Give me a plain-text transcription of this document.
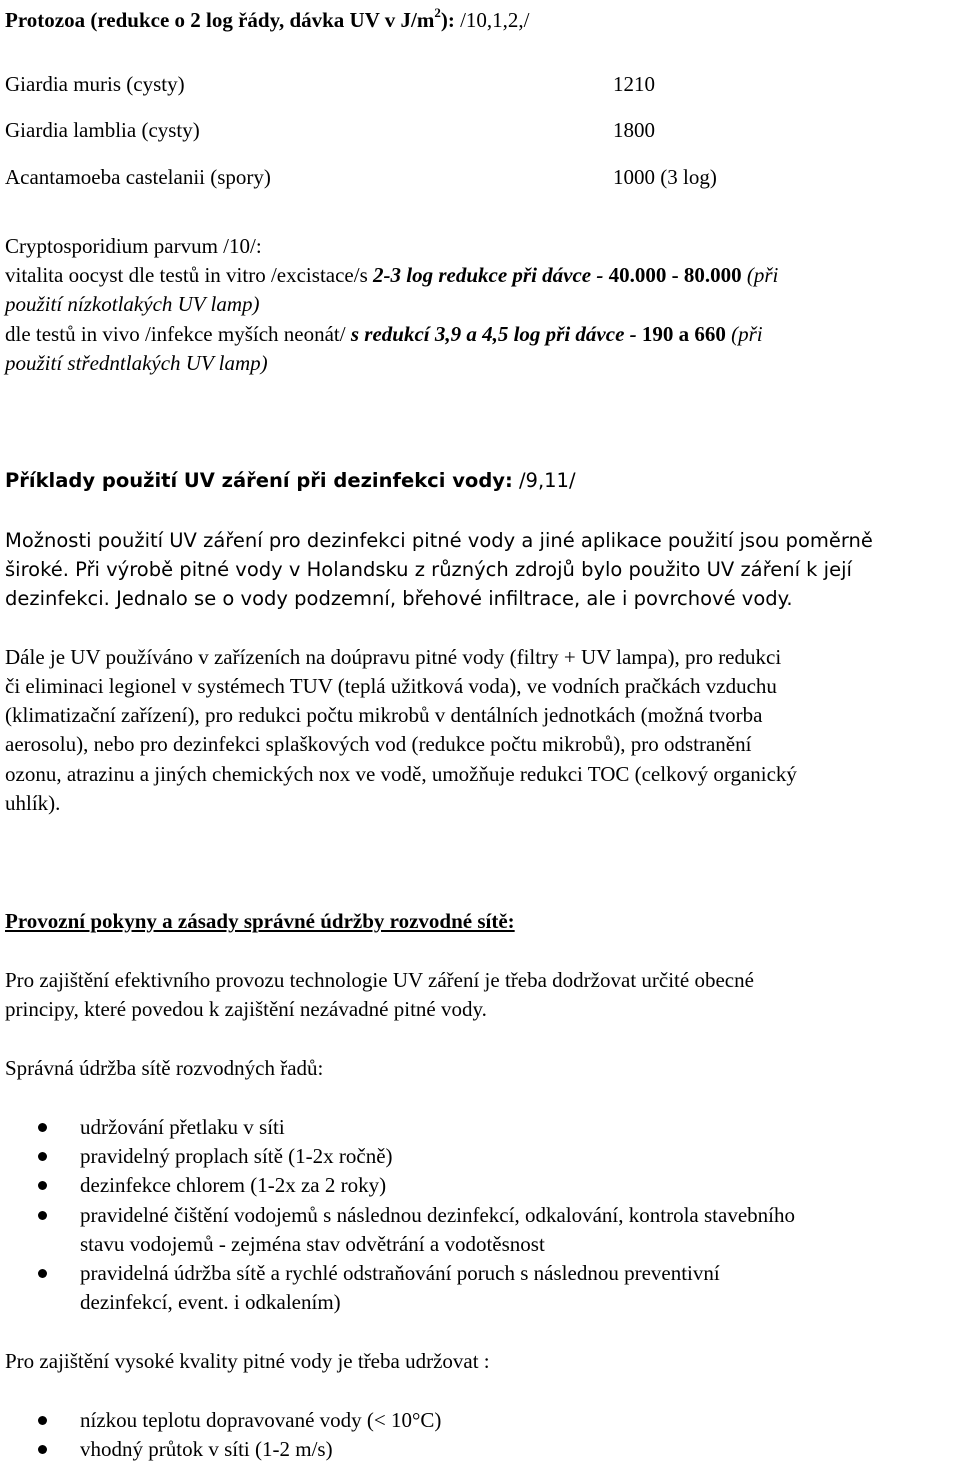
Protozoa (redukce o 2 log řády, dávka UV v $J/m^2$): /10,1,2,/
Giardia muris (cysty)	1210
Giardia lamblia (cysty)	1800
Acantamoeba castelanii (spory)	1000 (3 log)
Cryptosporidium parvum /10/:
vitalita oocyst dle testů in vitro /excistace/s 2-3 log redukce při dávce - 40.000 - 80.000 (při
použití nízkotlakých UV lamp)
dle testů in vivo /infekce myších neonát/ s redukcí 3,9 a 4,5 log při dávce - 190 a 660 (při
použití středntlakých UV lamp)
Příklady použití UV záření při dezinfekci vody: /9,11/
Možnosti použití UV záření pro dezinfekci pitné vody a jiné aplikace použití jsou poměrně
široké. Při výrobě pitné vody v Holandsku z různých zdrojů bylo použito UV záření k její
dezinfekci. Jednalo se o vody podzemní, břehové infiltrace, ale i povrchové vody.
Dále je UV používáno v zařízeních na doúpravu pitné vody (filtry + UV lampa), pro redukci
či eliminaci legionel v systémech TUV (teplá užitková voda), ve vodních pračkách vzduchu
(klimatizační zařízení), pro redukci počtu mikrobů v dentálních jednotkách (možná tvorba
aerosolu), nebo pro dezinfekci splaškových vod (redukce počtu mikrobů), pro odstranění
ozonu, atrazinu a jiných chemických nox ve vodě, umožňuje redukci TOC (celkový organický
uhlík).
Provozní pokyny a zásady správné údržby rozvodné sítě:
Pro zajištění efektivního provozu technologie UV záření je třeba dodržovat určité obecné
principy, které povedou k zajištění nezávadné pitné vody.
Správná údržba sítě rozvodných řadů:
udržování přetlaku v síti
pravidelný proplach sítě (1-2x ročně)
dezinfekce chlorem (1-2x za 2 roky)
pravidelné čištění vodojemů s následnou dezinfekcí, odkalování, kontrola stavebního
stavu vodojemů - zejména stav odvětrání a vodotěsnost
pravidelná údržba sítě a rychlé odstraňování poruch s následnou preventivní
dezinfekcí, event. i odkalením)
Pro zajištění vysoké kvality pitné vody je třeba udržovat :
nízkou teplotu dopravované vody (< 10°C)
vhodný průtok v síti (1-2 m/s)
